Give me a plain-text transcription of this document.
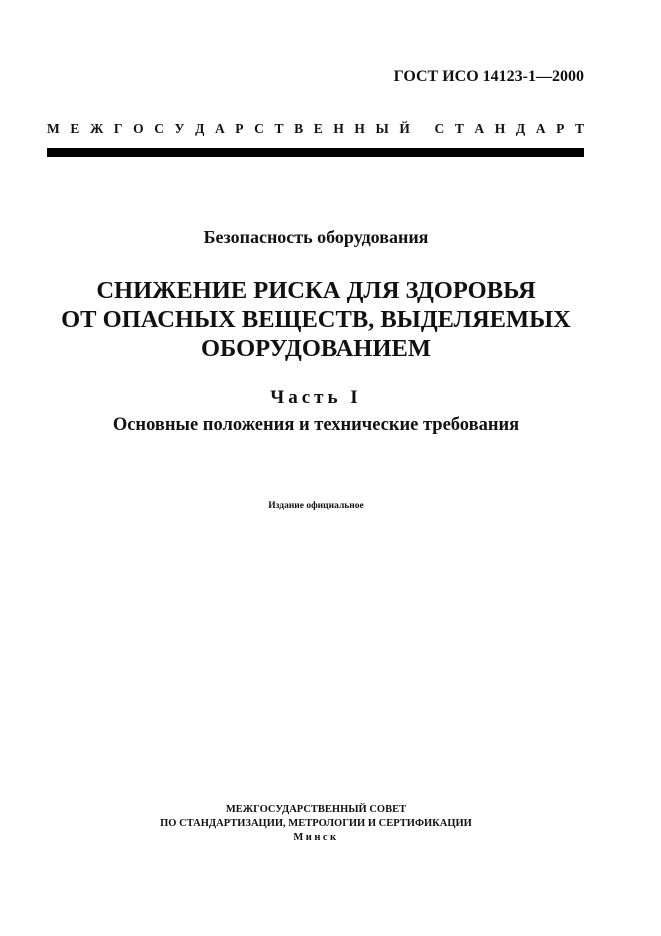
ГОСТ ИСО 14123-1—2000
М Е Ж Г О С У Д А Р С Т В Е Н Н Ы Й
С Т А Н Д А Р Т
Безопасность оборудования
СНИЖЕНИЕ РИСКА ДЛЯ ЗДОРОВЬЯ
ОТ ОПАСНЫХ ВЕЩЕСТВ, ВЫДЕЛЯЕМЫХ
ОБОРУДОВАНИЕМ
Часть I
Основные положения и технические требования
Издание официальное
МЕЖГОСУДАРСТВЕННЫЙ СОВЕТ
ПО СТАНДАРТИЗАЦИИ, МЕТРОЛОГИИ И СЕРТИФИКАЦИИ
Минск
